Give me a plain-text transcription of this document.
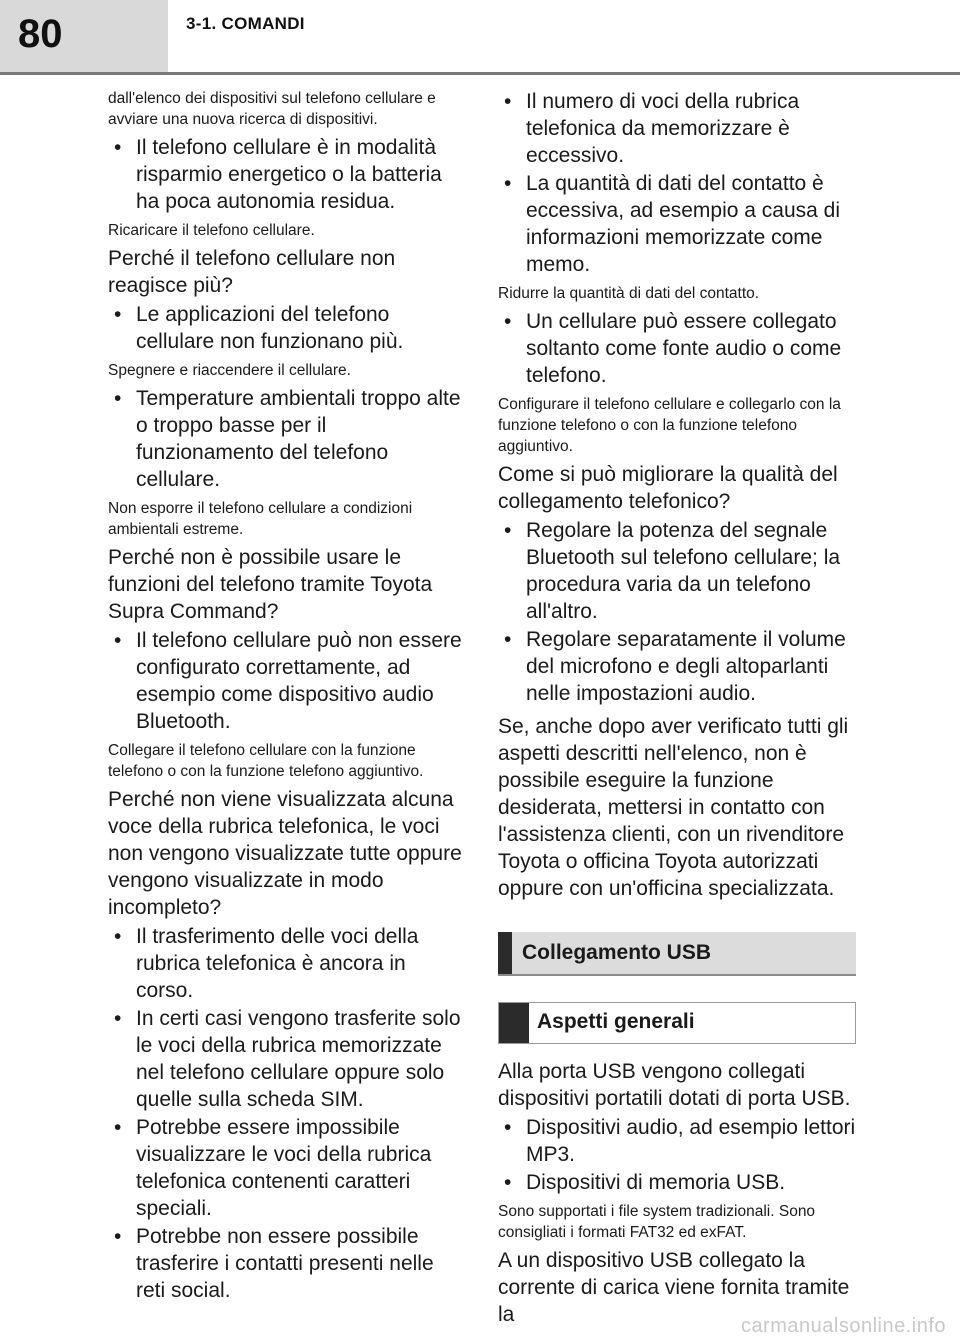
80	3-1. COMANDI

dall'elenco dei dispositivi sul telefono cellulare e avviare una nuova ricerca di dispositivi.

• Il telefono cellulare è in modalità risparmio energetico o la batteria ha poca autonomia residua.

Ricaricare il telefono cellulare.

Perché il telefono cellulare non reagisce più?

• Le applicazioni del telefono cellulare non funzionano più.

Spegnere e riaccendere il cellulare.

• Temperature ambientali troppo alte o troppo basse per il funzionamento del telefono cellulare.

Non esporre il telefono cellulare a condizioni ambientali estreme.

Perché non è possibile usare le funzioni del telefono tramite Toyota Supra Command?

• Il telefono cellulare può non essere configurato correttamente, ad esempio come dispositivo audio Bluetooth.

Collegare il telefono cellulare con la funzione telefono o con la funzione telefono aggiuntivo.

Perché non viene visualizzata alcuna voce della rubrica telefonica, le voci non vengono visualizzate tutte oppure vengono visualizzate in modo incompleto?

• Il trasferimento delle voci della rubrica telefonica è ancora in corso.
• In certi casi vengono trasferite solo le voci della rubrica memorizzate nel telefono cellulare oppure solo quelle sulla scheda SIM.
• Potrebbe essere impossibile visualizzare le voci della rubrica telefonica contenenti caratteri speciali.
• Potrebbe non essere possibile trasferire i contatti presenti nelle reti social.
• Il numero di voci della rubrica telefonica da memorizzare è eccessivo.
• La quantità di dati del contatto è eccessiva, ad esempio a causa di informazioni memorizzate come memo.

Ridurre la quantità di dati del contatto.

• Un cellulare può essere collegato soltanto come fonte audio o come telefono.

Configurare il telefono cellulare e collegarlo con la funzione telefono o con la funzione telefono aggiuntivo.

Come si può migliorare la qualità del collegamento telefonico?

• Regolare la potenza del segnale Bluetooth sul telefono cellulare; la procedura varia da un telefono all'altro.
• Regolare separatamente il volume del microfono e degli altoparlanti nelle impostazioni audio.

Se, anche dopo aver verificato tutti gli aspetti descritti nell'elenco, non è possibile eseguire la funzione desiderata, mettersi in contatto con l'assistenza clienti, con un rivenditore Toyota o officina Toyota autorizzati oppure con un'officina specializzata.

Collegamento USB
Aspetti generali

Alla porta USB vengono collegati dispositivi portatili dotati di porta USB.

• Dispositivi audio, ad esempio lettori MP3.
• Dispositivi di memoria USB.

Sono supportati i file system tradizionali. Sono consigliati i formati FAT32 ed exFAT.

A un dispositivo USB collegato la corrente di carica viene fornita tramite la	carmanualsonline.info
